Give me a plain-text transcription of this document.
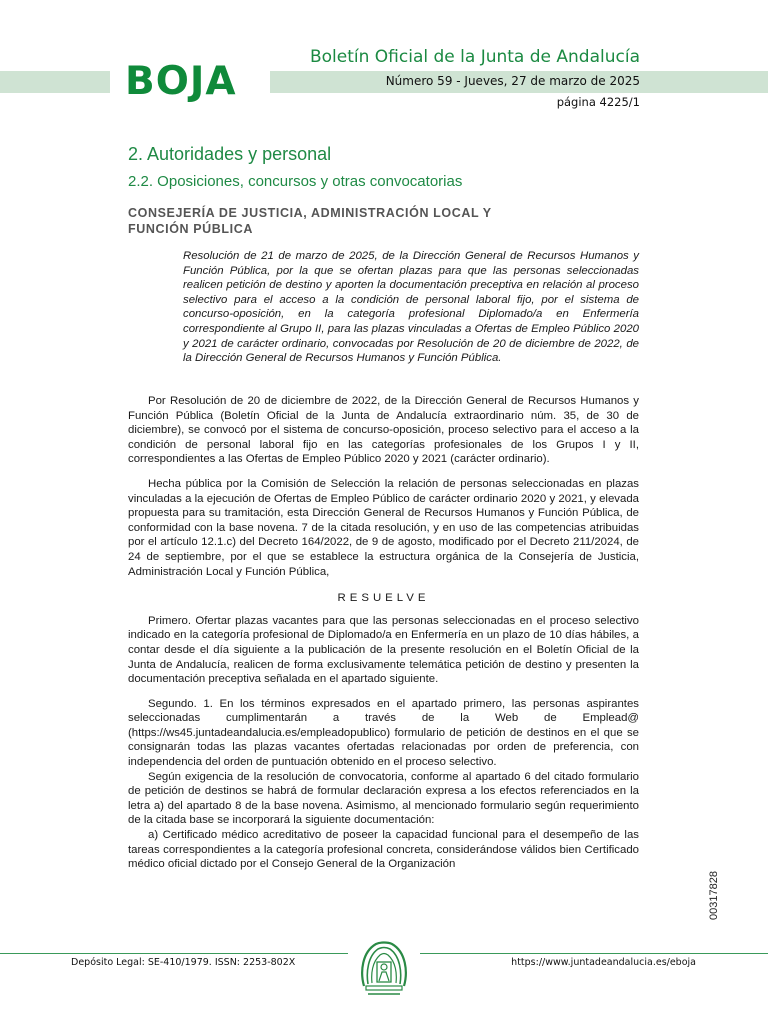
BOJA
Boletín Oficial de la Junta de Andalucía
Número 59 - Jueves, 27 de marzo de 2025
página 4225/1
2. Autoridades y personal
2.2. Oposiciones, concursos y otras convocatorias
CONSEJERÍA DE JUSTICIA, ADMINISTRACIÓN LOCAL Y FUNCIÓN PÚBLICA
Resolución de 21 de marzo de 2025, de la Dirección General de Recursos Humanos y Función Pública, por la que se ofertan plazas para que las personas seleccionadas realicen petición de destino y aporten la documentación preceptiva en relación al proceso selectivo para el acceso a la condición de personal laboral fijo, por el sistema de concurso-oposición, en la categoría profesional Diplomado/a en Enfermería correspondiente al Grupo II, para las plazas vinculadas a Ofertas de Empleo Público 2020 y 2021 de carácter ordinario, convocadas por Resolución de 20 de diciembre de 2022, de la Dirección General de Recursos Humanos y Función Pública.

Por Resolución de 20 de diciembre de 2022, de la Dirección General de Recursos Humanos y Función Pública (Boletín Oficial de la Junta de Andalucía extraordinario núm. 35, de 30 de diciembre), se convocó por el sistema de concurso-oposición, proceso selectivo para el acceso a la condición de personal laboral fijo en las categorías profesionales de los Grupos I y II, correspondientes a las Ofertas de Empleo Público 2020 y 2021 (carácter ordinario).

Hecha pública por la Comisión de Selección la relación de personas seleccionadas en plazas vinculadas a la ejecución de Ofertas de Empleo Público de carácter ordinario 2020 y 2021, y elevada propuesta para su tramitación, esta Dirección General de Recursos Humanos y Función Pública, de conformidad con la base novena. 7 de la citada resolución, y en uso de las competencias atribuidas por el artículo 12.1.c) del Decreto 164/2022, de 9 de agosto, modificado por el Decreto 211/2024, de 24 de septiembre, por el que se establece la estructura orgánica de la Consejería de Justicia, Administración Local y Función Pública,

RESUELVE

Primero. Ofertar plazas vacantes para que las personas seleccionadas en el proceso selectivo indicado en la categoría profesional de Diplomado/a en Enfermería en un plazo de 10 días hábiles, a contar desde el día siguiente a la publicación de la presente resolución en el Boletín Oficial de la Junta de Andalucía, realicen de forma exclusivamente telemática petición de destino y presenten la documentación preceptiva señalada en el apartado siguiente.

Segundo. 1. En los términos expresados en el apartado primero, las personas aspirantes seleccionadas cumplimentarán a través de la Web de Emplead@ (https://ws45.juntadeandalucia.es/empleadopublico) formulario de petición de destinos en el que se consignarán todas las plazas vacantes ofertadas relacionadas por orden de preferencia, con independencia del orden de puntuación obtenido en el proceso selectivo.

Según exigencia de la resolución de convocatoria, conforme al apartado 6 del citado formulario de petición de destinos se habrá de formular declaración expresa a los efectos referenciados en la letra a) del apartado 8 de la base novena. Asimismo, al mencionado formulario según requerimiento de la citada base se incorporará la siguiente documentación:

a) Certificado médico acreditativo de poseer la capacidad funcional para el desempeño de las tareas correspondientes a la categoría profesional concreta, considerándose válidos bien Certificado médico oficial dictado por el Consejo General de la Organización

00317828
Depósito Legal: SE-410/1979. ISSN: 2253-802X	https://www.juntadeandalucia.es/eboja
